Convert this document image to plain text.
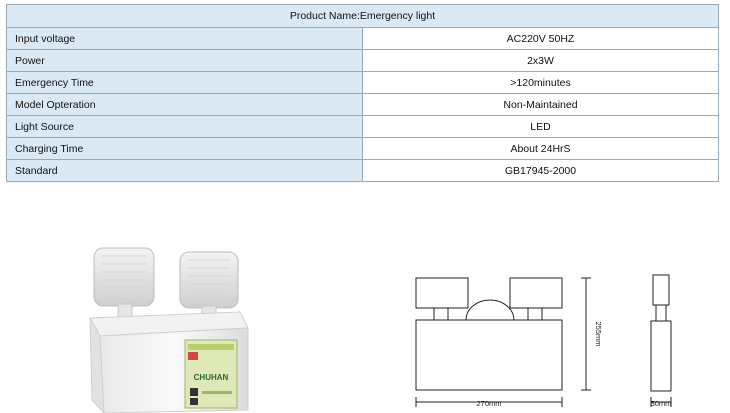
Product Name:Emergency light	
Input voltage	AC220V 50HZ
Power	2x3W
Emergency Time	>120minutes
Model Opteration	Non-Maintained
Light Source	LED
Charging Time	About 24HrS
Standard	GB17945-2000
CHUHAN
270mm
255mm
50mm
